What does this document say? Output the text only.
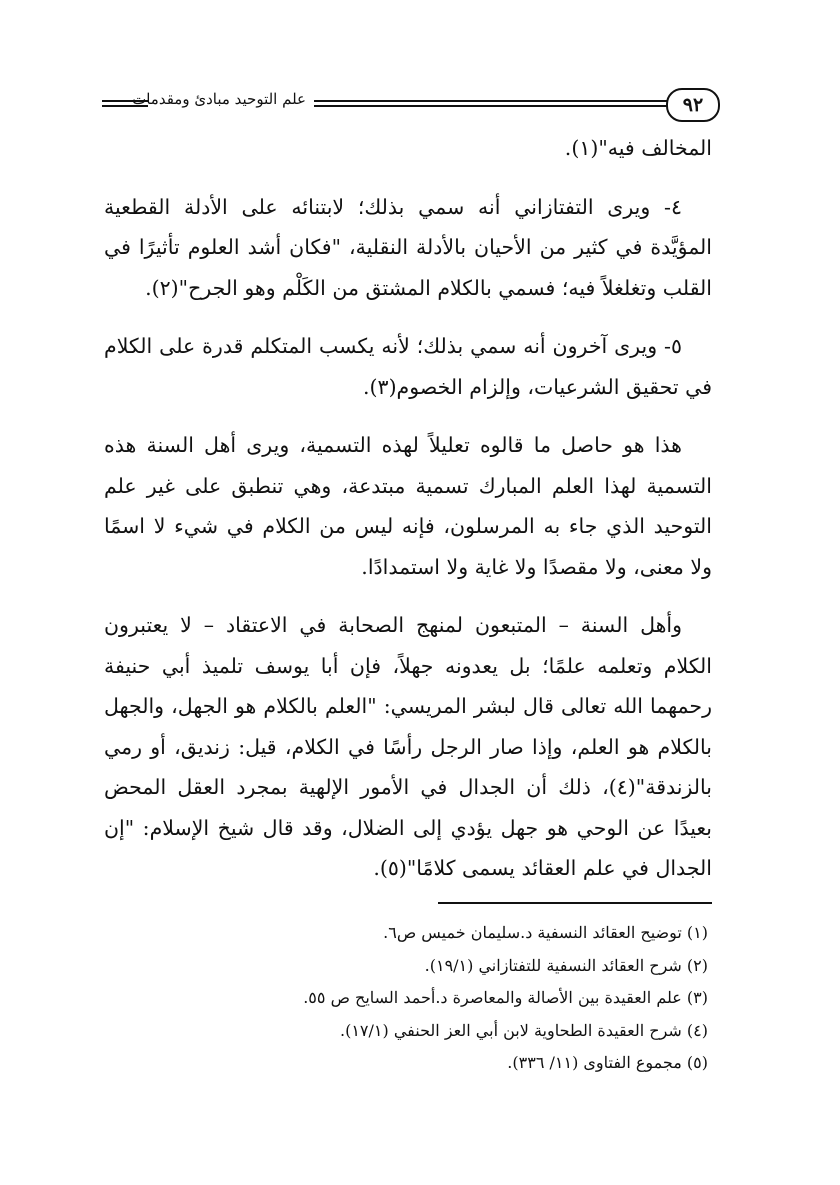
علم التوحيد مبادئ ومقدمات	٩٢

المخالف فيه"(١).

٤- ويرى التفتازاني أنه سمي بذلك؛ لابتنائه على الأدلة القطعية المؤيَّدة في كثير من الأحيان بالأدلة النقلية، "فكان أشد العلوم تأثيرًا في القلب وتغلغلاً فيه؛ فسمي بالكلام المشتق من الكَلْم وهو الجرح"(٢).

٥- ويرى آخرون أنه سمي بذلك؛ لأنه يكسب المتكلم قدرة على الكلام في تحقيق الشرعيات، وإلزام الخصوم(٣).

هذا هو حاصل ما قالوه تعليلاً لهذه التسمية، ويرى أهل السنة هذه التسمية لهذا العلم المبارك تسمية مبتدعة، وهي تنطبق على غير علم التوحيد الذي جاء به المرسلون، فإنه ليس من الكلام في شيء لا اسمًا ولا معنى، ولا مقصدًا ولا غاية ولا استمدادًا.

وأهل السنة – المتبعون لمنهج الصحابة في الاعتقاد – لا يعتبرون الكلام وتعلمه علمًا؛ بل يعدونه جهلاً، فإن أبا يوسف تلميذ أبي حنيفة رحمهما الله تعالى قال لبشر المريسي: "العلم بالكلام هو الجهل، والجهل بالكلام هو العلم، وإذا صار الرجل رأسًا في الكلام، قيل: زنديق، أو رمي بالزندقة"(٤)، ذلك أن الجدال في الأمور الإلهية بمجرد العقل المحض بعيدًا عن الوحي هو جهل يؤدي إلى الضلال، وقد قال شيخ الإسلام: "إن الجدال في علم العقائد يسمى كلامًا"(٥).

(١) توضيح العقائد النسفية د.سليمان خميس ص٦.
(٢) شرح العقائد النسفية للتفتازاني (١٩/١).
(٣) علم العقيدة بين الأصالة والمعاصرة د.أحمد السايح ص ٥٥.
(٤) شرح العقيدة الطحاوية لابن أبي العز الحنفي (١٧/١).
(٥) مجموع الفتاوى (١١/ ٣٣٦).
